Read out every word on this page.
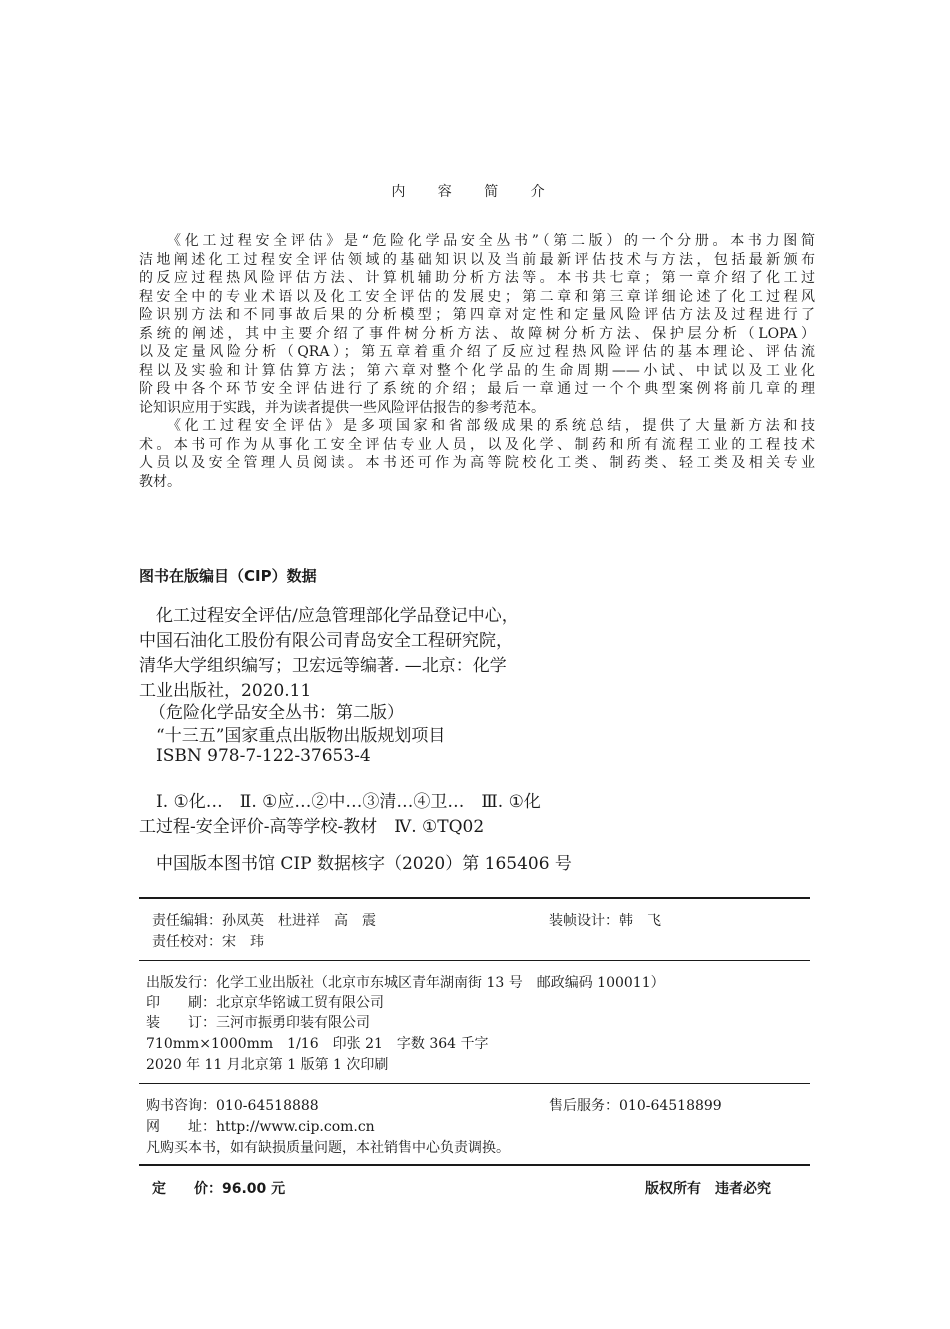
内 容 简 介
《化工过程安全评估》是“危险化学品安全丛书”（第二版）的一个分册。本书力图简
洁地阐述化工过程安全评估领域的基础知识以及当前最新评估技术与方法，包括最新颁布
的反应过程热风险评估方法、计算机辅助分析方法等。本书共七章；第一章介绍了化工过
程安全中的专业术语以及化工安全评估的发展史；第二章和第三章详细论述了化工过程风
险识别方法和不同事故后果的分析模型；第四章对定性和定量风险评估方法及过程进行了
系统的阐述，其中主要介绍了事件树分析方法、故障树分析方法、保护层分析（LOPA）
以及定量风险分析（QRA）；第五章着重介绍了反应过程热风险评估的基本理论、评估流
程以及实验和计算估算方法；第六章对整个化学品的生命周期——小试、中试以及工业化
阶段中各个环节安全评估进行了系统的介绍；最后一章通过一个个典型案例将前几章的理
论知识应用于实践，并为读者提供一些风险评估报告的参考范本。
《化工过程安全评估》是多项国家和省部级成果的系统总结，提供了大量新方法和技
术。本书可作为从事化工安全评估专业人员，以及化学、制药和所有流程工业的工程技术
人员以及安全管理人员阅读。本书还可作为高等院校化工类、制药类、轻工类及相关专业
教材。
图书在版编目（CIP）数据
化工过程安全评估/应急管理部化学品登记中心，
中国石油化工股份有限公司青岛安全工程研究院，
清华大学组织编写；卫宏远等编著. —北京：化学
工业出版社，2020.11
（危险化学品安全丛书：第二版）
“十三五”国家重点出版物出版规划项目
ISBN 978-7-122-37653-4
Ⅰ. ①化…　Ⅱ. ①应…②中…③清…④卫…　Ⅲ. ①化
工过程-安全评价-高等学校-教材　Ⅳ. ①TQ02
中国版本图书馆 CIP 数据核字（2020）第 165406 号
责任编辑：孙凤英　杜进祥　高　震	装帧设计：韩　飞
责任校对：宋　玮
出版发行：化学工业出版社（北京市东城区青年湖南街 13 号　邮政编码 100011）
印　　刷：北京京华铭诚工贸有限公司
装　　订：三河市振勇印装有限公司
710mm×1000mm　1/16　印张 21　字数 364 千字
2020 年 11 月北京第 1 版第 1 次印刷
购书咨询：010-64518888	售后服务：010-64518899
网　　址：http://www.cip.com.cn
凡购买本书，如有缺损质量问题，本社销售中心负责调换。
定　　价：96.00 元	版权所有　违者必究
